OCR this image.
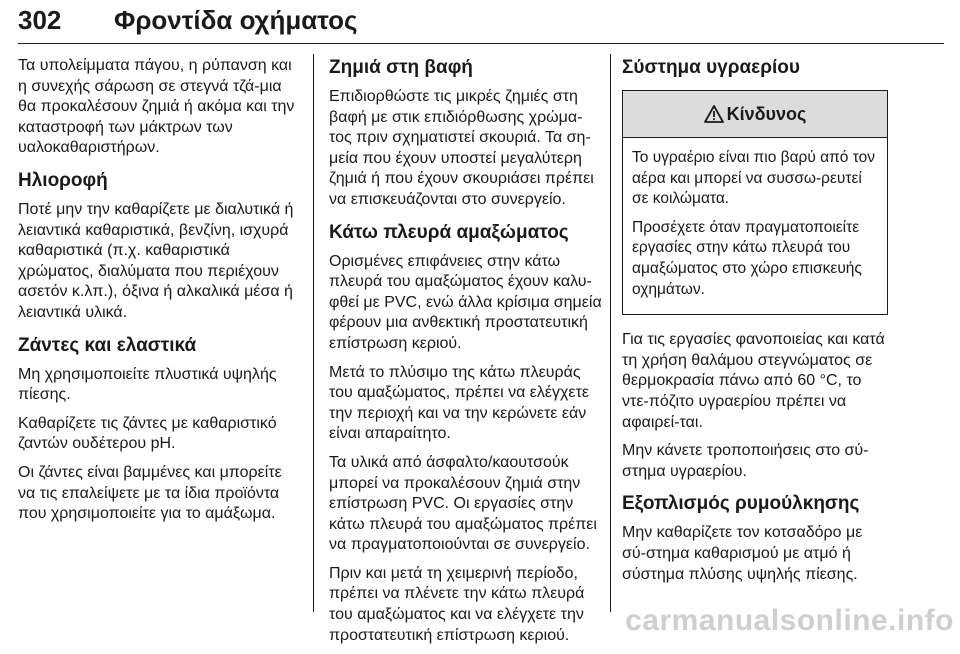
302 Φροντίδα οχήματος

Τα υπολείμματα πάγου, η ρύπανση και η συνεχής σάρωση σε στεγνά τζά-μια θα προκαλέσουν ζημιά ή ακόμα και την καταστροφή των μάκτρων των υαλοκαθαριστήρων.

Ηλιοροφή

Ποτέ μην την καθαρίζετε με διαλυτικά ή λειαντικά καθαριστικά, βενζίνη, ισχυρά καθαριστικά (π.χ. καθαριστικά χρώματος, διαλύματα που περιέχουν ασετόν κ.λπ.), όξινα ή αλκαλικά μέσα ή λειαντικά υλικά.

Ζάντες και ελαστικά

Μη χρησιμοποιείτε πλυστικά υψηλής πίεσης.

Καθαρίζετε τις ζάντες με καθαριστικό ζαντών ουδέτερου pH.

Οι ζάντες είναι βαμμένες και μπορείτε να τις επαλείψετε με τα ίδια προϊόντα που χρησιμοποιείτε για το αμάξωμα.

Ζημιά στη βαφή

Επιδιορθώστε τις μικρές ζημιές στη βαφή με στικ επιδιόρθωσης χρώμα-τος πριν σχηματιστεί σκουριά. Τα ση-μεία που έχουν υποστεί μεγαλύτερη ζημιά ή που έχουν σκουριάσει πρέπει να επισκευάζονται στο συνεργείο.

Κάτω πλευρά αμαξώματος

Ορισμένες επιφάνειες στην κάτω πλευρά του αμαξώματος έχουν καλυ-φθεί με PVC, ενώ άλλα κρίσιμα σημεία φέρουν μια ανθεκτική προστατευτική επίστρωση κεριού.

Μετά το πλύσιμο της κάτω πλευράς του αμαξώματος, πρέπει να ελέγχετε την περιοχή και να την κερώνετε εάν είναι απαραίτητο.

Τα υλικά από άσφαλτο/καουτσούκ μπορεί να προκαλέσουν ζημιά στην επίστρωση PVC. Οι εργασίες στην κάτω πλευρά του αμαξώματος πρέπει να πραγματοποιούνται σε συνεργείο.

Πριν και μετά τη χειμερινή περίοδο, πρέπει να πλένετε την κάτω πλευρά του αμαξώματος και να ελέγχετε την προστατευτική επίστρωση κεριού.

Σύστημα υγραερίου
Κίνδυνος

Το υγραέριο είναι πιο βαρύ από τον αέρα και μπορεί να συσσω-ρευτεί σε κοιλώματα.

Προσέχετε όταν πραγματοποιείτε εργασίες στην κάτω πλευρά του αμαξώματος στο χώρο επισκευής οχημάτων.

Για τις εργασίες φανοποιείας και κατά τη χρήση θαλάμου στεγνώματος σε θερμοκρασία πάνω από 60 °C, το ντε-πόζιτο υγραερίου πρέπει να αφαιρεί-ται.

Μην κάνετε τροποποιήσεις στο σύ-στημα υγραερίου.

Εξοπλισμός ρυμούλκησης

Μην καθαρίζετε τον κοτσαδόρο με σύ-στημα καθαρισμού με ατμό ή σύστημα πλύσης υψηλής πίεσης.

carmanualsonline.info
